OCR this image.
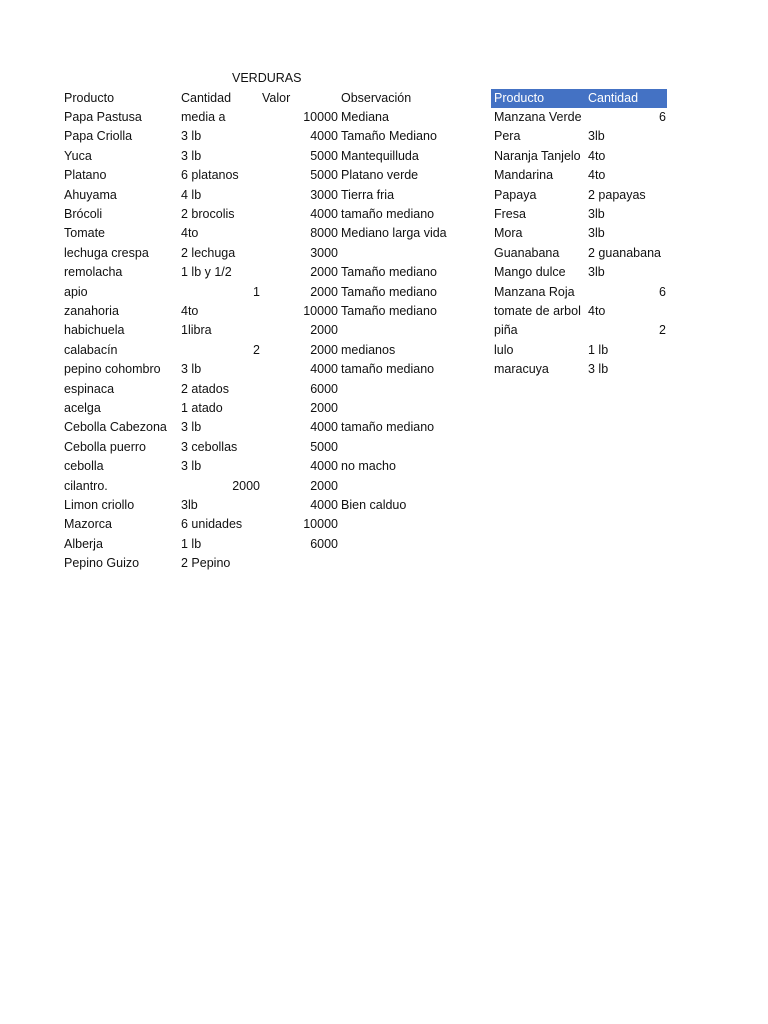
VERDURAS
Producto	Cantidad Valor	Observación
Papa Pastusa	media a	10000 Mediana
Papa Criolla	3 lb	4000 Tamaño Mediano
Yuca	3 lb	5000 Mantequilluda
Platano	6 platanos	5000 Platano verde
Ahuyama	4 lb	3000 Tierra fria
Brócoli	2 brocolis	4000 tamaño mediano
Tomate	4to	8000 Mediano larga vida
lechuga crespa	2 lechuga	3000
remolacha	1 lb y 1/2	2000 Tamaño mediano
apio	1	2000 Tamaño mediano
zanahoria	4to	10000 Tamaño mediano
habichuela	1libra	2000
calabacín	2	2000 medianos
pepino cohombro 3 lb	4000 tamaño mediano
espinaca	2 atados	6000
acelga	1 atado	2000
Cebolla Cabezona 3 lb	4000 tamaño mediano
Cebolla puerro	3 cebollas	5000
cebolla	3 lb	4000 no macho
cilantro.	2000	2000
Limon criollo	3lb	4000 Bien calduo
Mazorca	6 unidades	10000
Alberja	1 lb	6000
Pepino Guizo	2 Pepino
Producto	Cantidad
Manzana Verde	6
Pera	3lb
Naranja Tanjelo 4to
Mandarina	4to
Papaya	2 papayas
Fresa	3lb
Mora	3lb
Guanabana 2 guanabana
Mango dulce 3lb
Manzana Roja	6
tomate de arbol 4to
piña	2
lulo	1 lb
maracuya	3 lb
